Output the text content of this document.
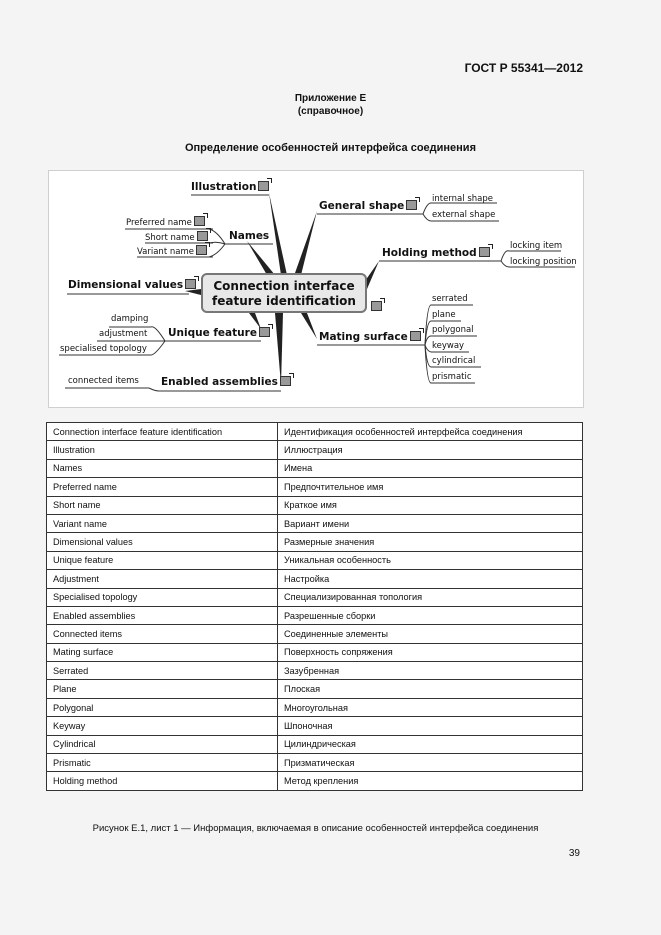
ГОСТ Р 55341—2012
Приложение Е
(справочное)
Определение особенностей интерфейса соединения
Connection interface
feature identification
Illustration
Names
Preferred name
Short name
Variant name
Dimensional values
Unique feature
damping
adjustment
specialised topology
Enabled assemblies
connected items
General shape
internal shape
external shape
Holding method
locking item
locking position
Mating surface
serrated
plane
polygonal
keyway
cylindrical
prismatic
Connection interface feature identification	Идентификация особенностей интерфейса соединения
Illustration	Иллюстрация
Names	Имена
Preferred name	Предпочтительное имя
Short name	Краткое имя
Variant name	Вариант имени
Dimensional values	Размерные значения
Unique feature	Уникальная особенность
Adjustment	Настройка
Specialised topology	Специализированная топология
Enabled assemblies	Разрешенные сборки
Connected items	Соединенные элементы
Mating surface	Поверхность сопряжения
Serrated	Зазубренная
Plane	Плоская
Polygonal	Многоугольная
Keyway	Шпоночная
Cylindrical	Цилиндрическая
Prismatic	Призматическая
Holding method	Метод крепления
Рисунок Е.1, лист 1 — Информация, включаемая в описание особенностей интерфейса соединения
39
